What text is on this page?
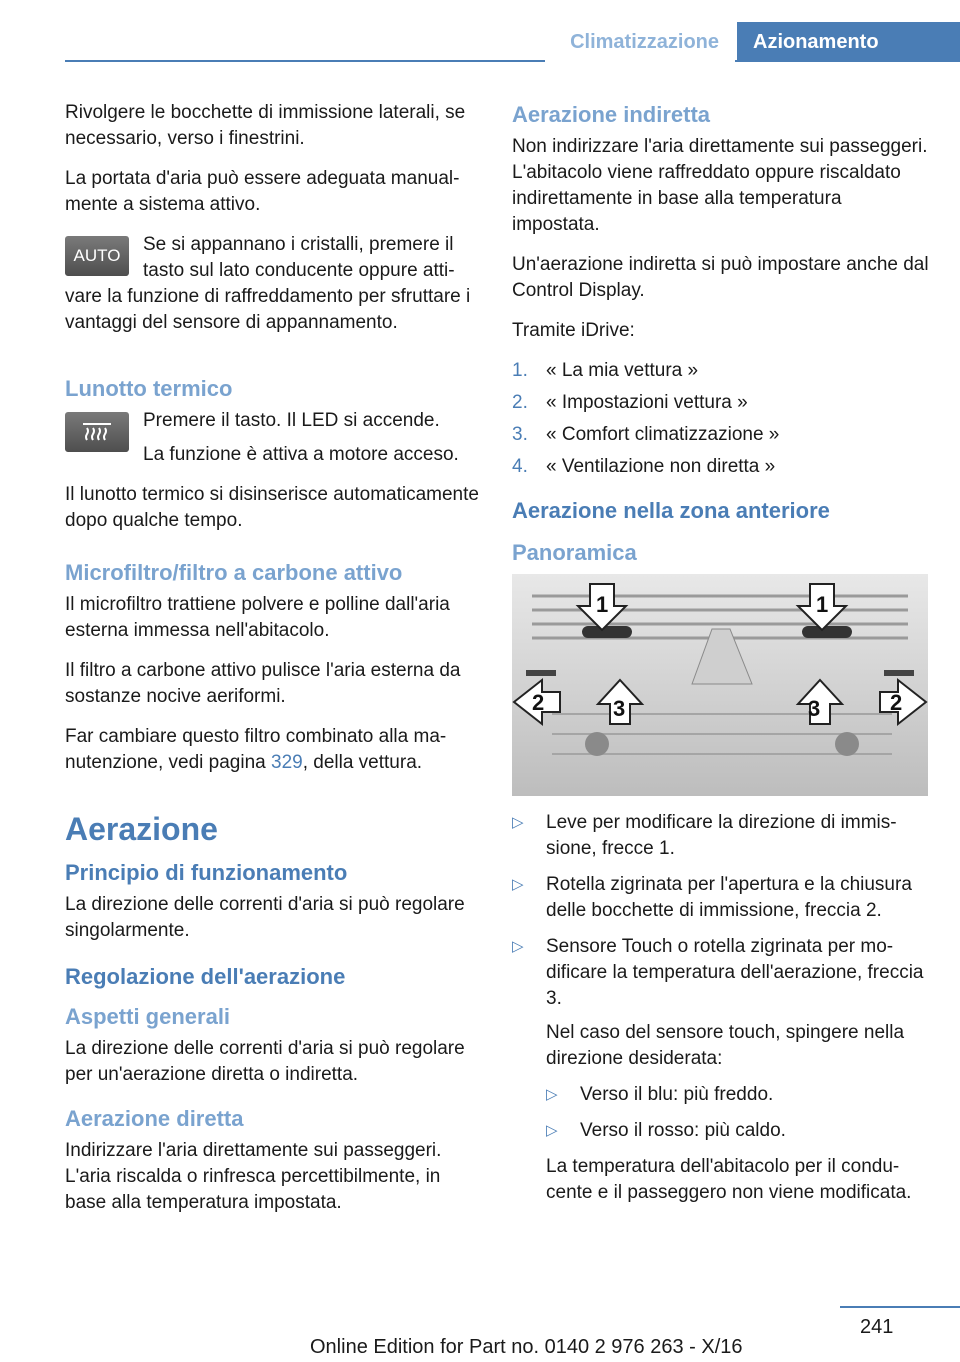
Climatizzazione	Azionamento

Rivolgere le bocchette di immissione laterali, se necessario, verso i finestrini.

La portata d'aria può essere adeguata manualmente a sistema attivo.

AUTO

Se si appannano i cristalli, premere il tasto sul lato conducente oppure attivare la funzione di raffreddamento per sfruttare i vantaggi del sensore di appannamento.

Lunotto termico

Premere il tasto. Il LED si accende.

La funzione è attiva a motore acceso.

Il lunotto termico si disinserisce automaticamente dopo qualche tempo.

Microfiltro/filtro a carbone attivo

Il microfiltro trattiene polvere e polline dall'aria esterna immessa nell'abitacolo.

Il filtro a carbone attivo pulisce l'aria esterna da sostanze nocive aeriformi.

Far cambiare questo filtro combinato alla manutenzione, vedi pagina 329, della vettura.

Aerazione
Principio di funzionamento

La direzione delle correnti d'aria si può regolare singolarmente.

Regolazione dell'aerazione
Aspetti generali

La direzione delle correnti d'aria si può regolare per un'aerazione diretta o indiretta.

Aerazione diretta

Indirizzare l'aria direttamente sui passeggeri. L'aria riscalda o rinfresca percettibilmente, in base alla temperatura impostata.

Aerazione indiretta

Non indirizzare l'aria direttamente sui passeggeri. L'abitacolo viene raffreddato oppure riscaldato indirettamente in base alla temperatura impostata.

Un'aerazione indiretta si può impostare anche dal Control Display.

Tramite iDrive:

1. « La mia vettura »
2. « Impostazioni vettura »
3. « Comfort climatizzazione »
4. « Ventilazione non diretta »
Aerazione nella zona anteriore
Panoramica
1	1
2	2
3	3
▷	Leve per modificare la direzione di immissione, frecce 1.
▷	Rotella zigrinata per l'apertura e la chiusura delle bocchette di immissione, freccia 2.
▷	Sensore Touch o rotella zigrinata per modificare la temperatura dell'aerazione, freccia 3.
Nel caso del sensore touch, spingere nella direzione desiderata:
▷	Verso il blu: più freddo.
▷	Verso il rosso: più caldo.
La temperatura dell'abitacolo per il conducente e il passeggero non viene modificata.
241
Online Edition for Part no. 0140 2 976 263 - X/16
